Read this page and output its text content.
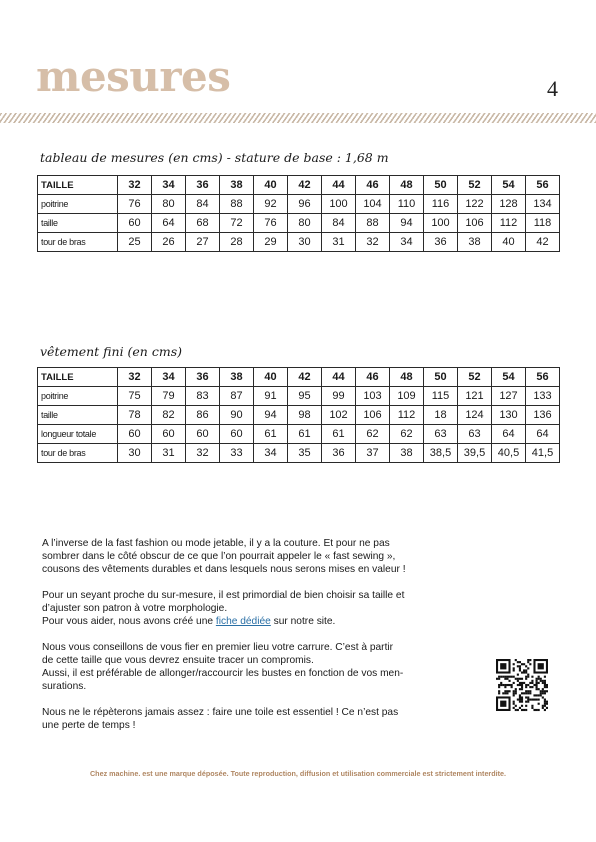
mesures	4
tableau de mesures (en cms) - stature de base : 1,68 m
TAILLE	32	34	36	38	40	42	44	46	48	50	52	54	56
poitrine	76	80	84	88	92	96	100	104	110	116	122	128	134
taille	60	64	68	72	76	80	84	88	94	100	106	112	118
tour de bras	25	26	27	28	29	30	31	32	34	36	38	40	42
vêtement fini (en cms)
TAILLE	32	34	36	38	40	42	44	46	48	50	52	54	56
poitrine	75	79	83	87	91	95	99	103	109	115	121	127	133
taille	78	82	86	90	94	98	102	106	112	18	124	130	136
longueur totale	60	60	60	60	61	61	61	62	62	63	63	64	64
tour de bras	30	31	32	33	34	35	36	37	38	38,5	39,5	40,5	41,5

A l’inverse de la fast fashion ou mode jetable, il y a la couture. Et pour ne pas
sombrer dans le côté obscur de ce que l’on pourrait appeler le « fast sewing »,
cousons des vêtements durables et dans lesquels nous serons mises en valeur !

Pour un seyant proche du sur-mesure, il est primordial de bien choisir sa taille et
d’ajuster son patron à votre morphologie.
Pour vous aider, nous avons créé une fiche dédiée sur notre site.

Nous vous conseillons de vous fier en premier lieu votre carrure. C’est à partir
de cette taille que vous devrez ensuite tracer un compromis.
Aussi, il est préférable de allonger/raccourcir les bustes en fonction de vos men-
surations.

Nous ne le répèterons jamais assez : faire une toile est essentiel ! Ce n’est pas
une perte de temps !

Chez machine. est une marque déposée. Toute reproduction, diffusion et utilisation commerciale est strictement interdite.
